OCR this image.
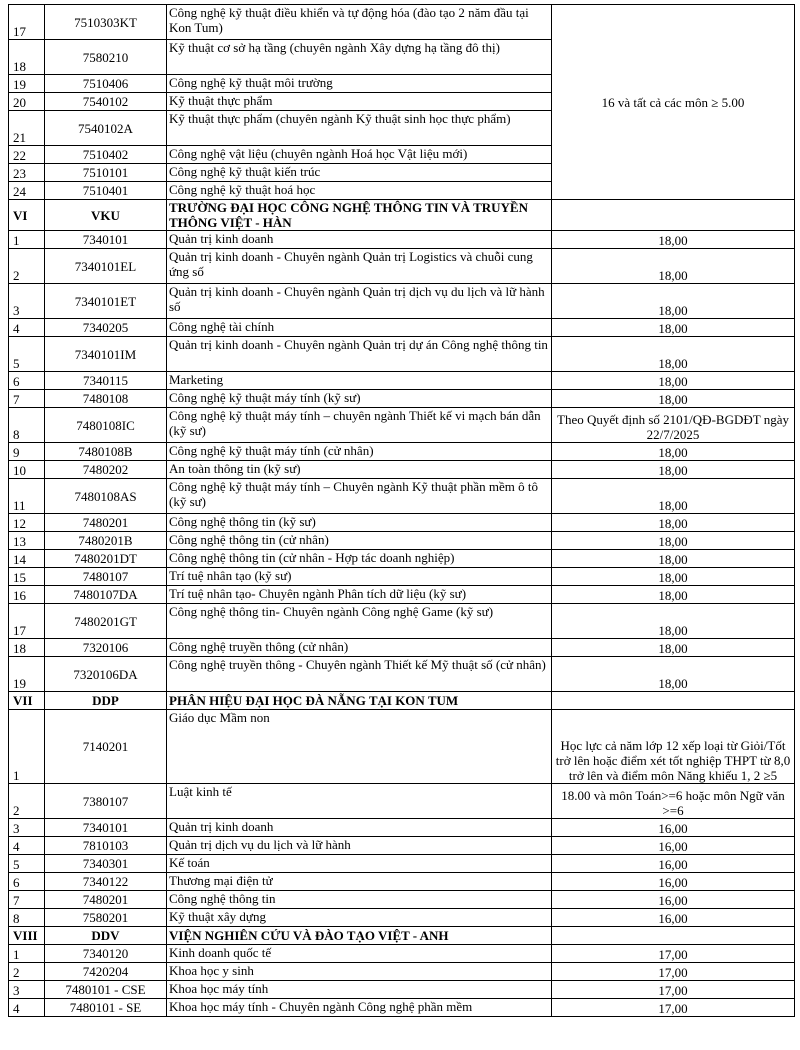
17	7510303KT	Công nghệ kỹ thuật điều khiển và tự động hóa (đào tạo 2 năm đầu tại Kon Tum)	16 và tất cả các môn ≥ 5.00
18	7580210	Kỹ thuật cơ sở hạ tầng (chuyên ngành Xây dựng hạ tầng đô thị)	
19	7510406	Công nghệ kỹ thuật môi trường	
20	7540102	Kỹ thuật thực phẩm	
21	7540102A	Kỹ thuật thực phẩm (chuyên ngành Kỹ thuật sinh học thực phẩm)	
22	7510402	Công nghệ vật liệu (chuyên ngành Hoá học Vật liệu mới)	
23	7510101	Công nghệ kỹ thuật kiến trúc	
24	7510401	Công nghệ kỹ thuật hoá học	
VI	VKU	TRƯỜNG ĐẠI HỌC CÔNG NGHỆ THÔNG TIN VÀ TRUYỀN THÔNG VIỆT - HÀN	
1	7340101	Quản trị kinh doanh	18,00
2	7340101EL	Quản trị kinh doanh - Chuyên ngành Quản trị Logistics và chuỗi cung ứng số	18,00
3	7340101ET	Quản trị kinh doanh - Chuyên ngành Quản trị dịch vụ du lịch và lữ hành số	18,00
4	7340205	Công nghệ tài chính	18,00
5	7340101IM	Quản trị kinh doanh - Chuyên ngành Quản trị dự án Công nghệ thông tin	18,00
6	7340115	Marketing	18,00
7	7480108	Công nghệ kỹ thuật máy tính (kỹ sư)	18,00
8	7480108IC	Công nghệ kỹ thuật máy tính – chuyên ngành Thiết kế vi mạch bán dẫn (kỹ sư)	Theo Quyết định số 2101/QĐ-BGDĐT ngày 22/7/2025
9	7480108B	Công nghệ kỹ thuật máy tính (cử nhân)	18,00
10	7480202	An toàn thông tin (kỹ sư)	18,00
11	7480108AS	Công nghệ kỹ thuật máy tính – Chuyên ngành Kỹ thuật phần mềm ô tô (kỹ sư)	18,00
12	7480201	Công nghệ thông tin (kỹ sư)	18,00
13	7480201B	Công nghệ thông tin (cử nhân)	18,00
14	7480201DT	Công nghệ thông tin (cử nhân - Hợp tác doanh nghiệp)	18,00
15	7480107	Trí tuệ nhân tạo (kỹ sư)	18,00
16	7480107DA	Trí tuệ nhân tạo- Chuyên ngành Phân tích dữ liệu (kỹ sư)	18,00
17	7480201GT	Công nghệ thông tin- Chuyên ngành Công nghệ Game (kỹ sư)	18,00
18	7320106	Công nghệ truyền thông (cử nhân)	18,00
19	7320106DA	Công nghệ truyền thông - Chuyên ngành Thiết kế Mỹ thuật số (cử nhân)	18,00
VII	DDP	PHÂN HIỆU ĐẠI HỌC ĐÀ NẴNG TẠI KON TUM	
1	7140201	Giáo dục Mầm non	Học lực cả năm lớp 12 xếp loại từ Giỏi/Tốt trở lên hoặc điểm xét tốt nghiệp THPT từ 8,0 trở lên và điểm môn Năng khiếu 1, 2 ≥5
2	7380107	Luật kinh tế	18.00 và môn Toán>=6 hoặc môn Ngữ văn >=6
3	7340101	Quản trị kinh doanh	16,00
4	7810103	Quản trị dịch vụ du lịch và lữ hành	16,00
5	7340301	Kế toán	16,00
6	7340122	Thương mại điện tử	16,00
7	7480201	Công nghệ thông tin	16,00
8	7580201	Kỹ thuật xây dựng	16,00
VIII	DDV	VIỆN NGHIÊN CỨU VÀ ĐÀO TẠO VIỆT - ANH	
1	7340120	Kinh doanh quốc tế	17,00
2	7420204	Khoa học y sinh	17,00
3	7480101 - CSE	Khoa học máy tính	17,00
4	7480101 - SE	Khoa học máy tính - Chuyên ngành Công nghệ phần mềm	17,00
